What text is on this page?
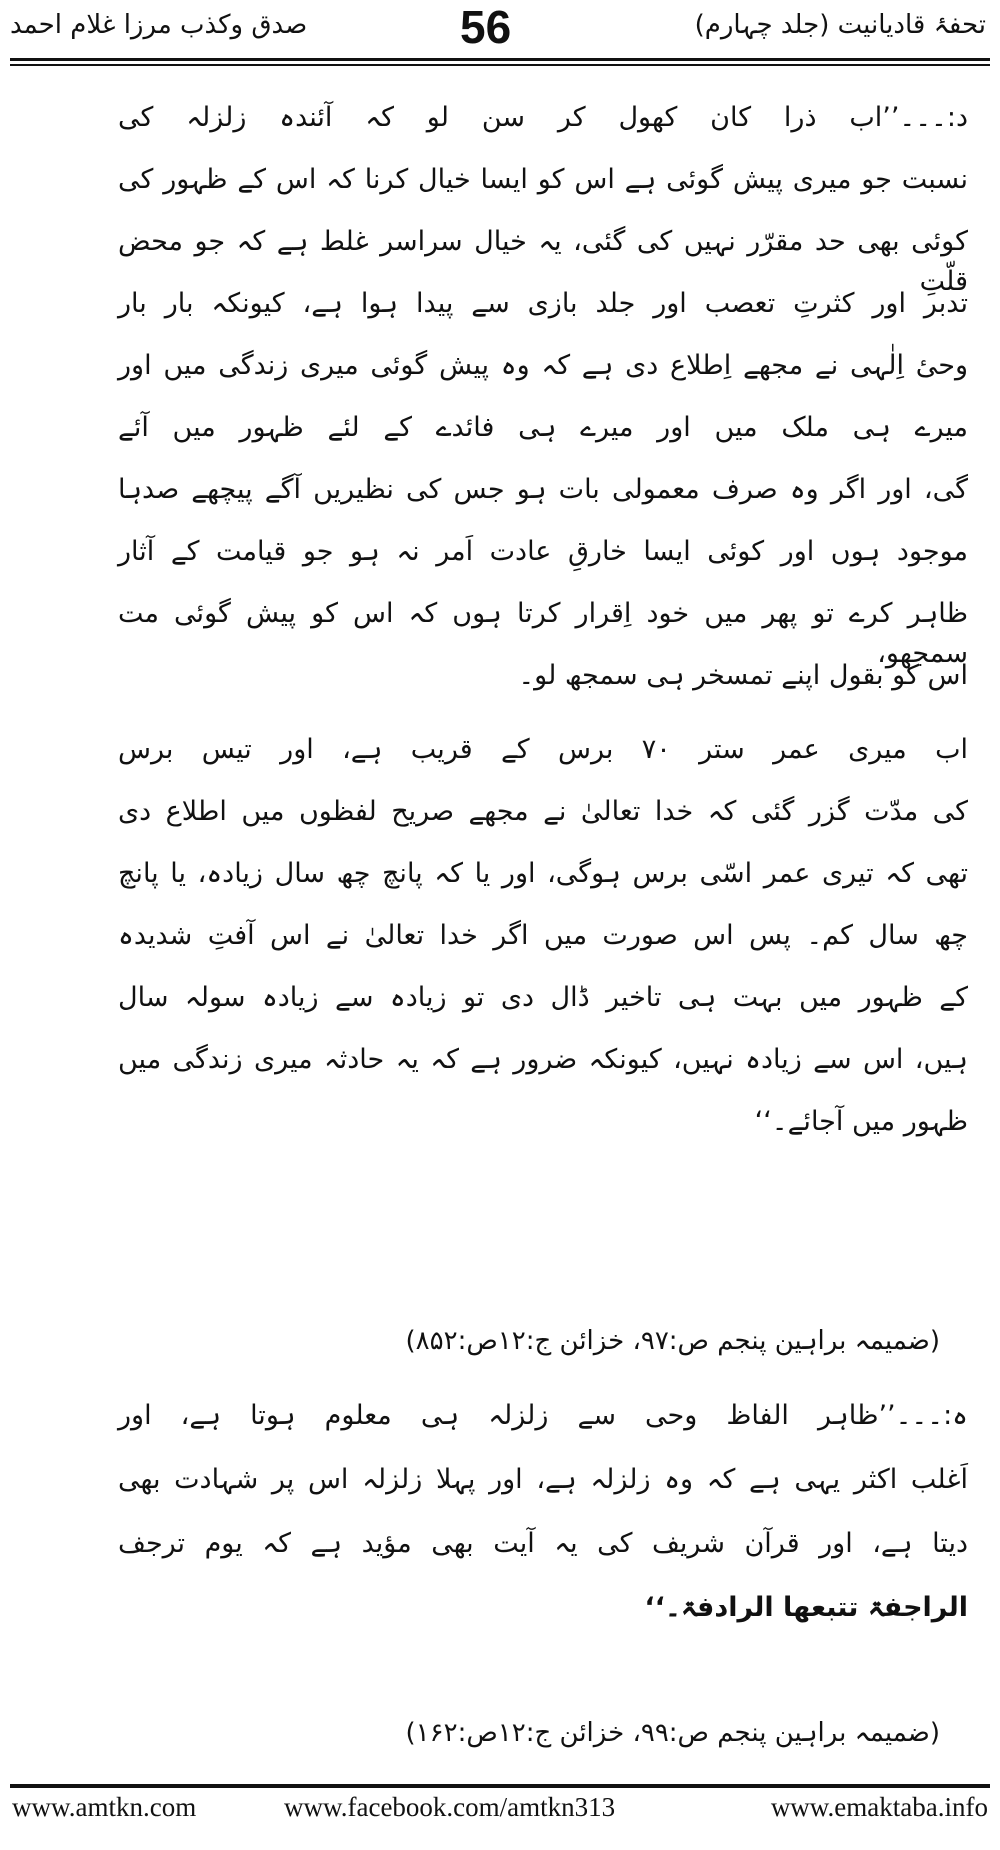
تحفۂ قادیانیت (جلد چہارم)
56
صدق وکذب مرزا غلام احمد
د:۔۔۔’’اب ذرا کان کھول کر سن لو کہ آئندہ زلزلہ کی
نسبت جو میری پیش گوئی ہے اس کو ایسا خیال کرنا کہ اس کے ظہور کی
کوئی بھی حد مقرّر نہیں کی گئی، یہ خیال سراسر غلط ہے کہ جو محض قلّتِ
تدبر اور کثرتِ تعصب اور جلد بازی سے پیدا ہوا ہے، کیونکہ بار بار
وحیٔ اِلٰہی نے مجھے اِطلاع دی ہے کہ وہ پیش گوئی میری زندگی میں اور
میرے ہی ملک میں اور میرے ہی فائدے کے لئے ظہور میں آئے
گی، اور اگر وہ صرف معمولی بات ہو جس کی نظیریں آگے پیچھے صدہا
موجود ہوں اور کوئی ایسا خارقِ عادت اَمر نہ ہو جو قیامت کے آثار
ظاہر کرے تو پھر میں خود اِقرار کرتا ہوں کہ اس کو پیش گوئی مت سمجھو،
اس کو بقول اپنے تمسخر ہی سمجھ لو۔
اب میری عمر ستر ۷۰ برس کے قریب ہے، اور تیس برس
کی مدّت گزر گئی کہ خدا تعالیٰ نے مجھے صریح لفظوں میں اطلاع دی
تھی کہ تیری عمر اسّی برس ہوگی، اور یا کہ پانچ چھ سال زیادہ، یا پانچ
چھ سال کم۔ پس اس صورت میں اگر خدا تعالیٰ نے اس آفتِ شدیدہ
کے ظہور میں بہت ہی تاخیر ڈال دی تو زیادہ سے زیادہ سولہ سال
ہیں، اس سے زیادہ نہیں، کیونکہ ضرور ہے کہ یہ حادثہ میری زندگی میں
ظہور میں آجائے۔‘‘
ہ:۔۔۔’’ظاہر الفاظ وحی سے زلزلہ ہی معلوم ہوتا ہے، اور
اَغلب اکثر یہی ہے کہ وہ زلزلہ ہے، اور پہلا زلزلہ اس پر شہادت بھی
دیتا ہے، اور قرآن شریف کی یہ آیت بھی مؤید ہے کہ یوم ترجف
الراجفۃ تتبعھا الرادفۃ۔‘‘
(ضمیمہ براہین پنجم ص:۹۷، خزائن ج:۱۲ص:۸۵۲)
(ضمیمہ براہین پنجم ص:۹۹، خزائن ج:۱۲ص:۱۶۲)
www.amtkn.com	www.facebook.com/amtkn313	www.emaktaba.info
